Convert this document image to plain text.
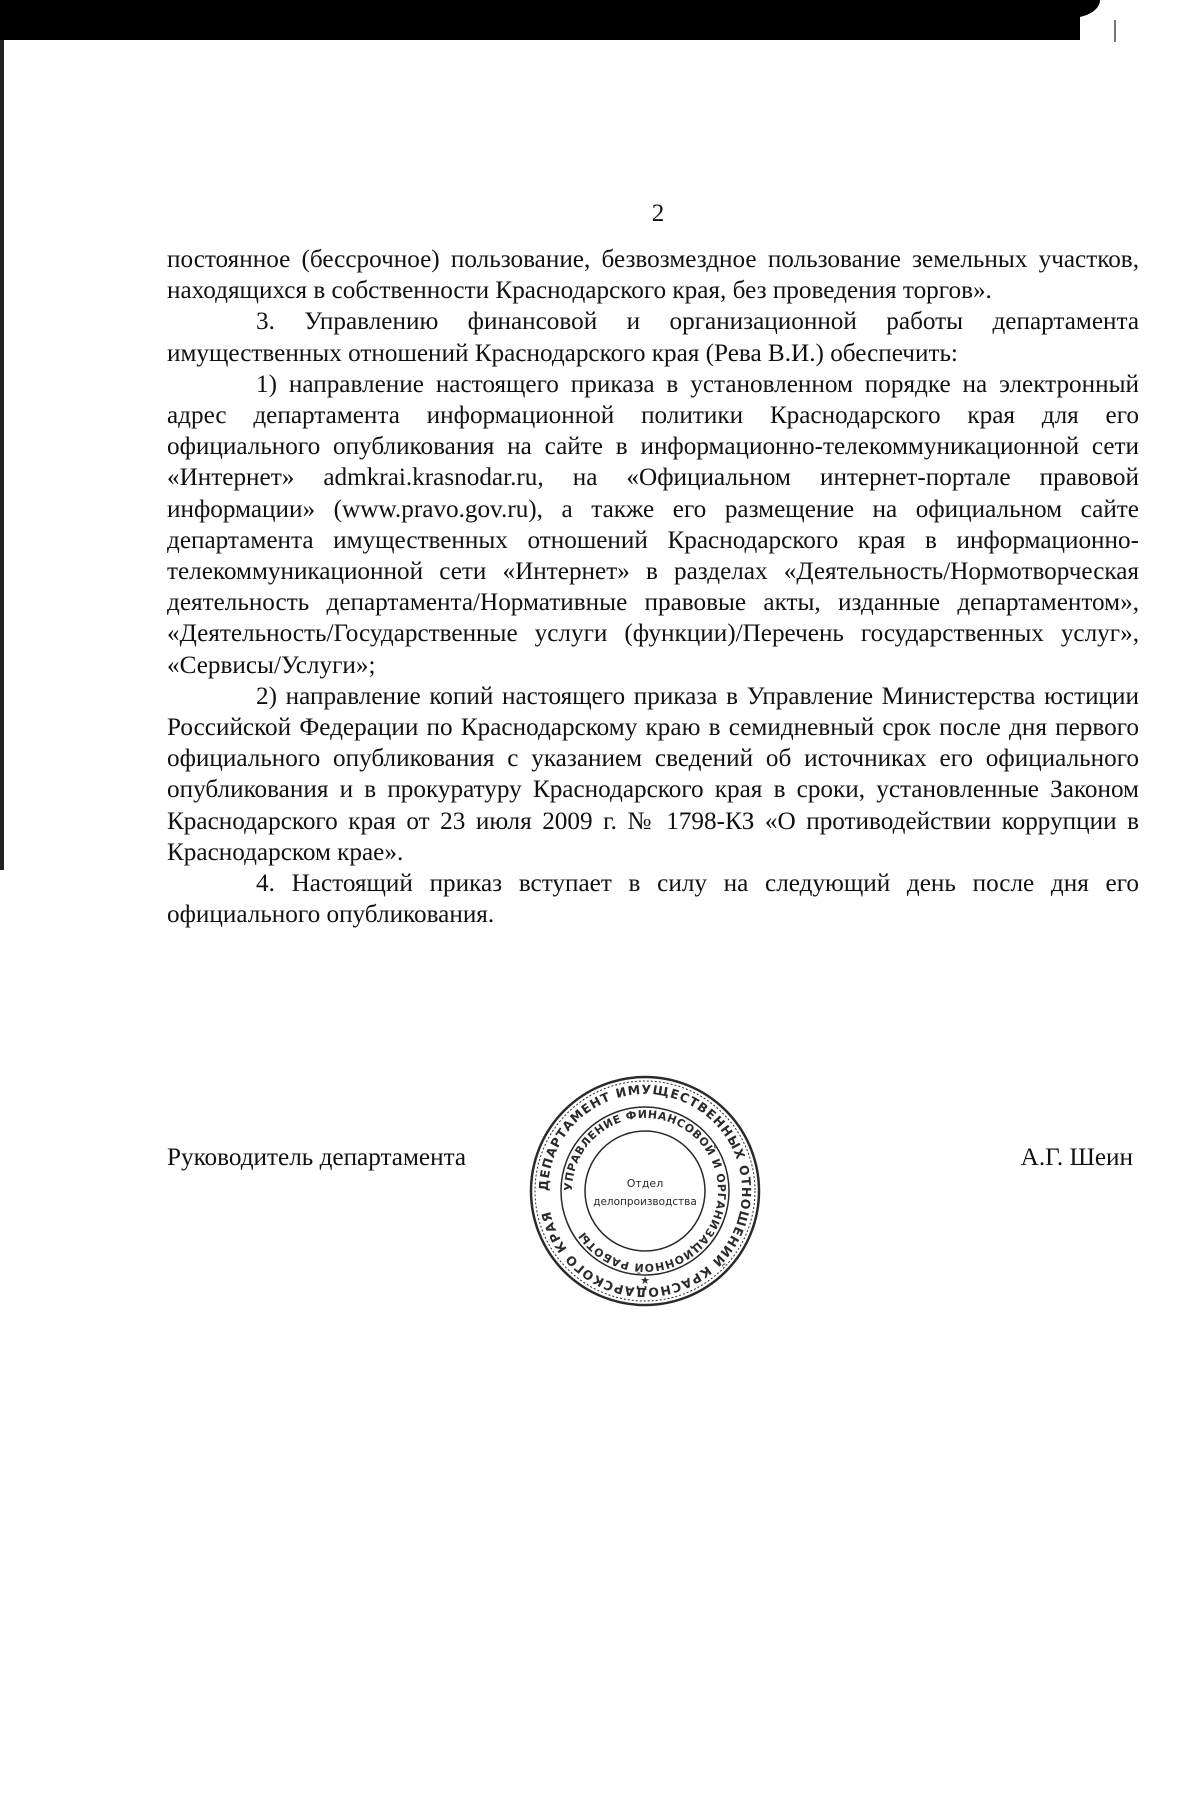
2

постоянное (бессрочное) пользование, безвозмездное пользование земельных участков, находящихся в собственности Краснодарского края, без проведения торгов».

3. Управлению финансовой и организационной работы департамента имущественных отношений Краснодарского края (Рева В.И.) обеспечить:

1) направление настоящего приказа в установленном порядке на электронный адрес департамента информационной политики Краснодарского края для его официального опубликования на сайте в информационно-телекоммуникационной сети «Интернет» admkrai.krasnodar.ru, на «Официальном интернет-портале правовой информации» (www.pravo.gov.ru), а также его размещение на официальном сайте департамента имущественных отношений Краснодарского края в информационно-телекоммуникационной сети «Интернет» в разделах «Деятельность/Нормотворческая деятельность департамента/Нормативные правовые акты, изданные департаментом», «Деятельность/Государственные услуги (функции)/Перечень государственных услуг», «Сервисы/Услуги»;

2) направление копий настоящего приказа в Управление Министерства юстиции Российской Федерации по Краснодарскому краю в семидневный срок после дня первого официального опубликования с указанием сведений об источниках его официального опубликования и в прокуратуру Краснодарского края в сроки, установленные Законом Краснодарского края от 23 июля 2009 г. № 1798-КЗ «О противодействии коррупции в Краснодарском крае».

4. Настоящий приказ вступает в силу на следующий день после дня его официального опубликования.

Руководитель департамента	А.Г. Шеин
ДЕПАРТАМЕНТ ИМУЩЕСТВЕННЫХ ОТНОШЕНИЙ КРАСНОДАРСКОГО КРАЯ
УПРАВЛЕНИЕ ФИНАНСОВОЙ И ОРГАНИЗАЦИОННОЙ РАБОТЫ
Отдел
делопроизводства
★
